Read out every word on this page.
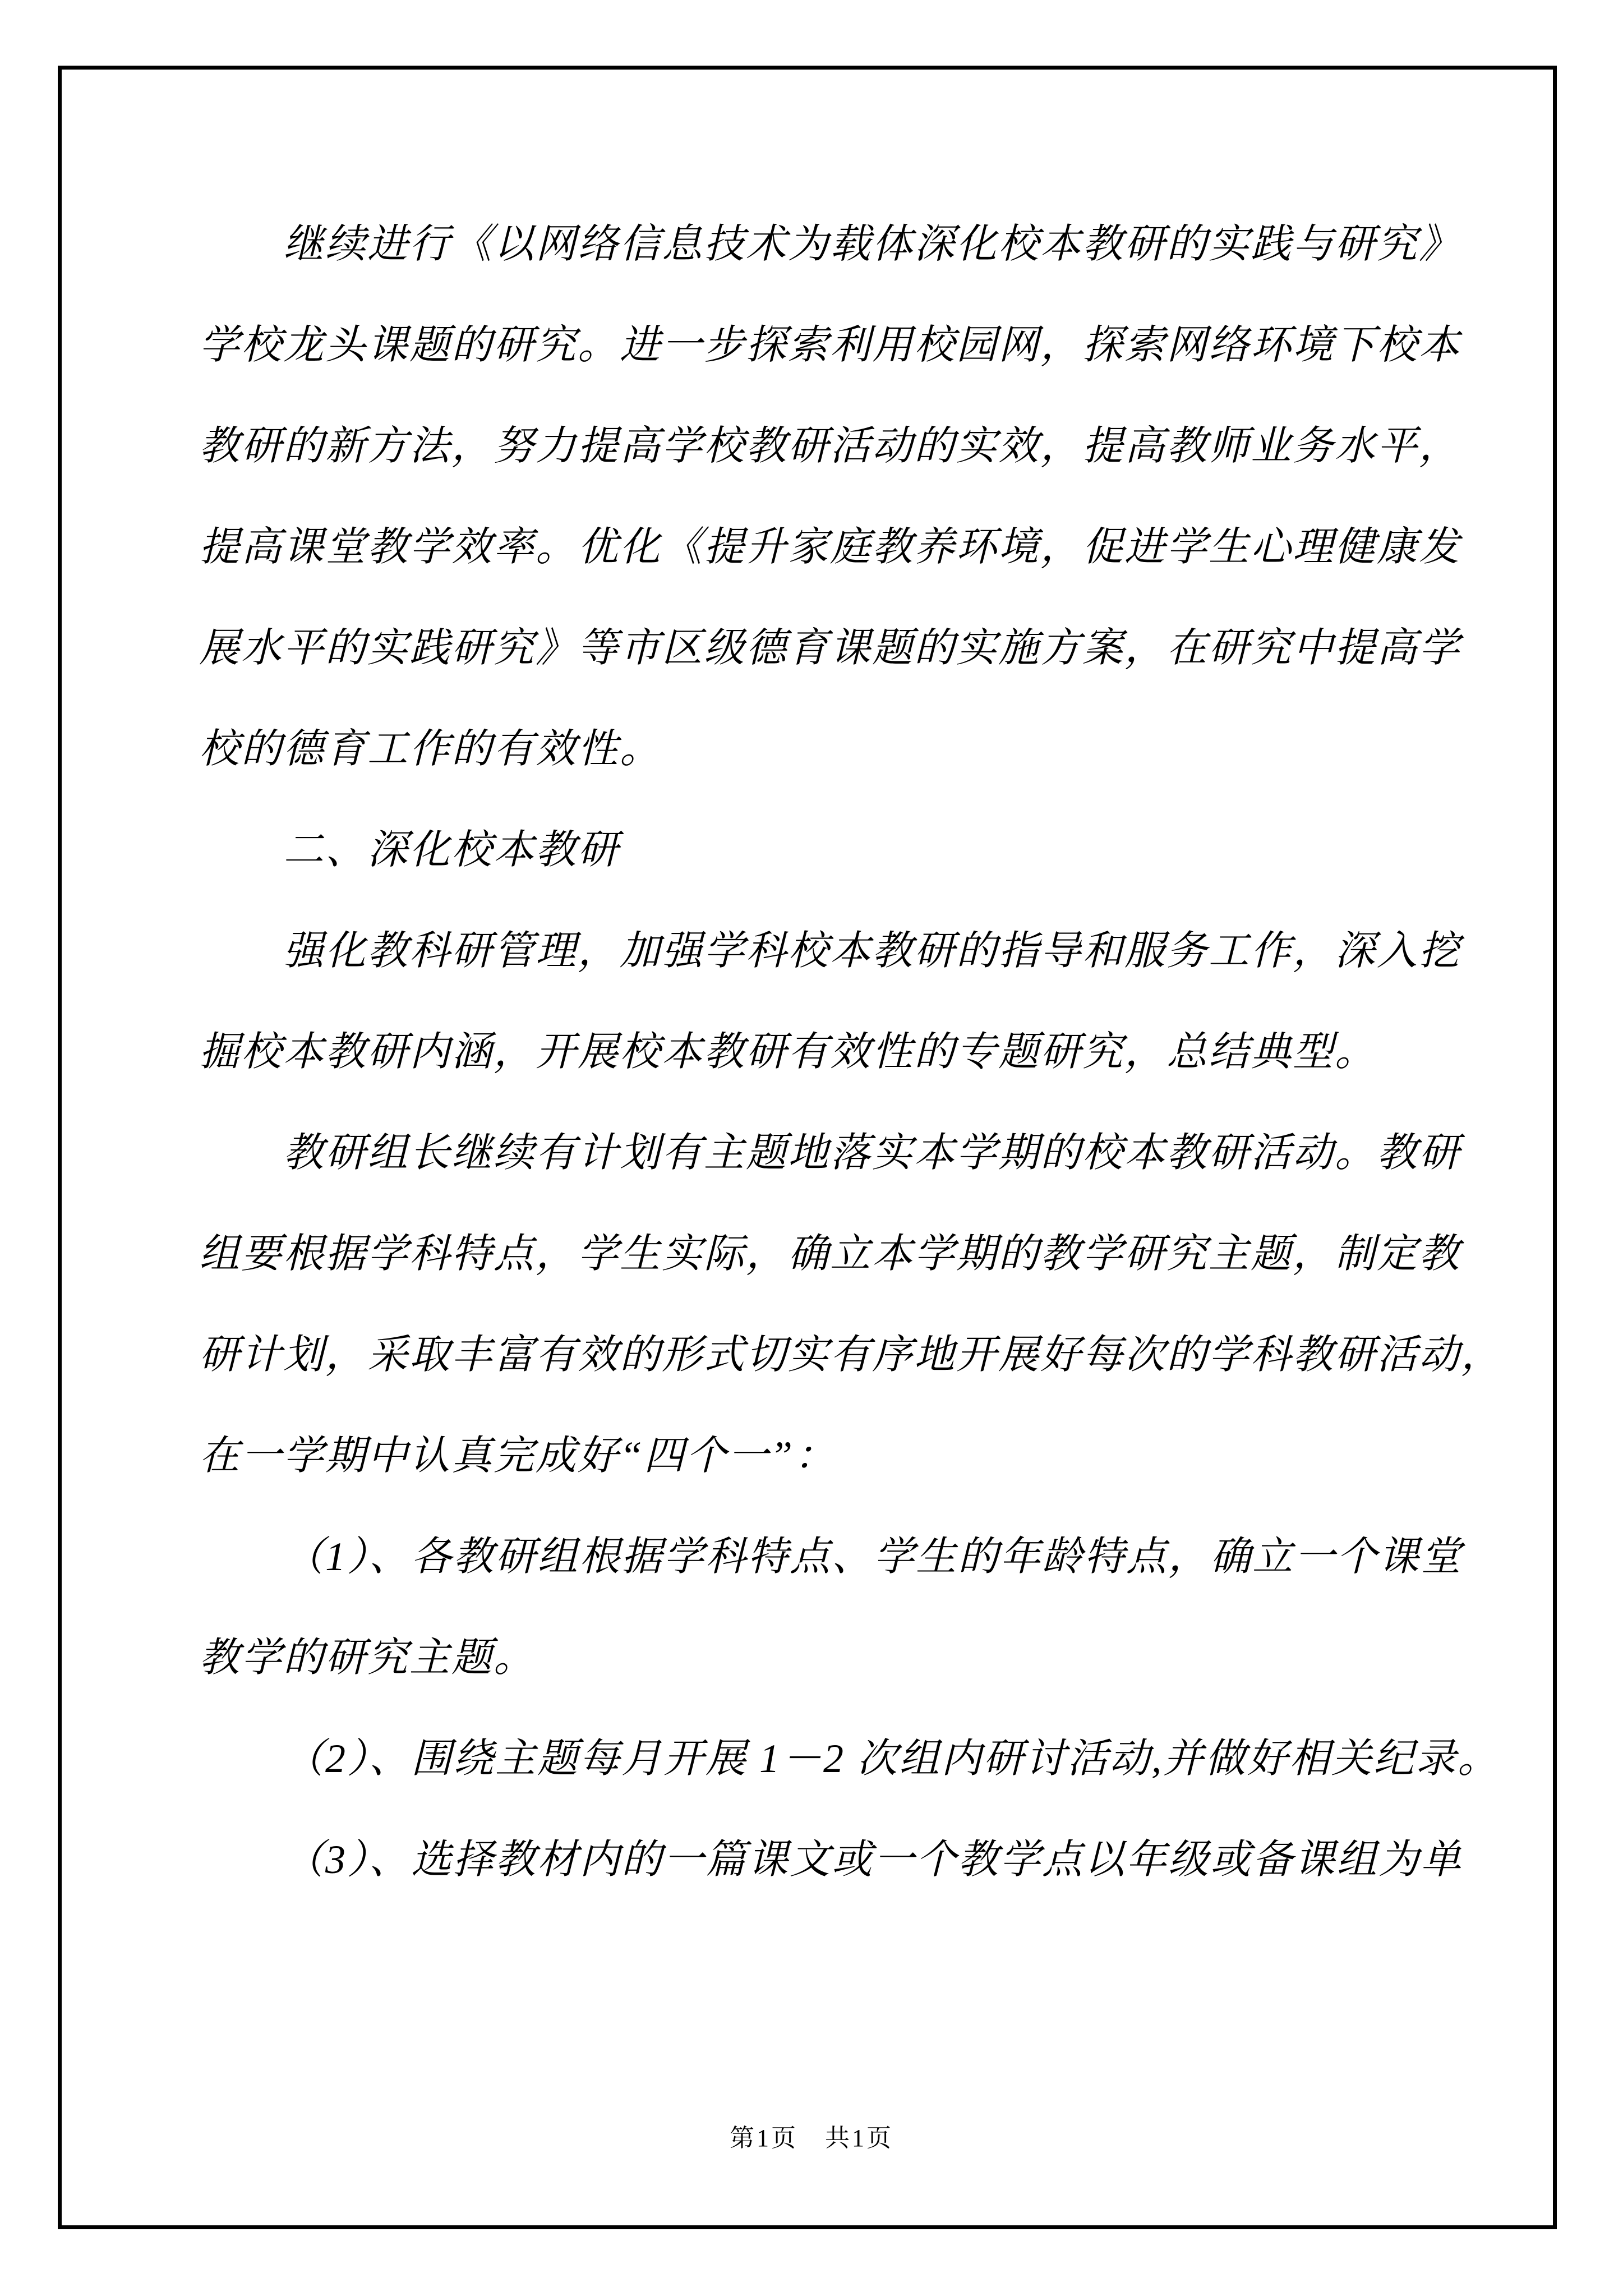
继续进行《以网络信息技术为载体深化校本教研的实践与研究》
学校龙头课题的研究。进一步探索利用校园网，探索网络环境下校本
教研的新方法，努力提高学校教研活动的实效，提高教师业务水平，
提高课堂教学效率。优化《提升家庭教养环境，促进学生心理健康发
展水平的实践研究》等市区级德育课题的实施方案，在研究中提高学
校的德育工作的有效性。
二、深化校本教研
强化教科研管理，加强学科校本教研的指导和服务工作，深入挖
掘校本教研内涵，开展校本教研有效性的专题研究，总结典型。
教研组长继续有计划有主题地落实本学期的校本教研活动。教研
组要根据学科特点，学生实际，确立本学期的教学研究主题，制定教
研计划，采取丰富有效的形式切实有序地开展好每次的学科教研活动，
在一学期中认真完成好“四个一”：
（1）、各教研组根据学科特点、学生的年龄特点，确立一个课堂
教学的研究主题。
（2）、围绕主题每月开展 1－2 次组内研讨活动,并做好相关纪录。
（3）、选择教材内的一篇课文或一个教学点以年级或备课组为单
第1页　共1页
